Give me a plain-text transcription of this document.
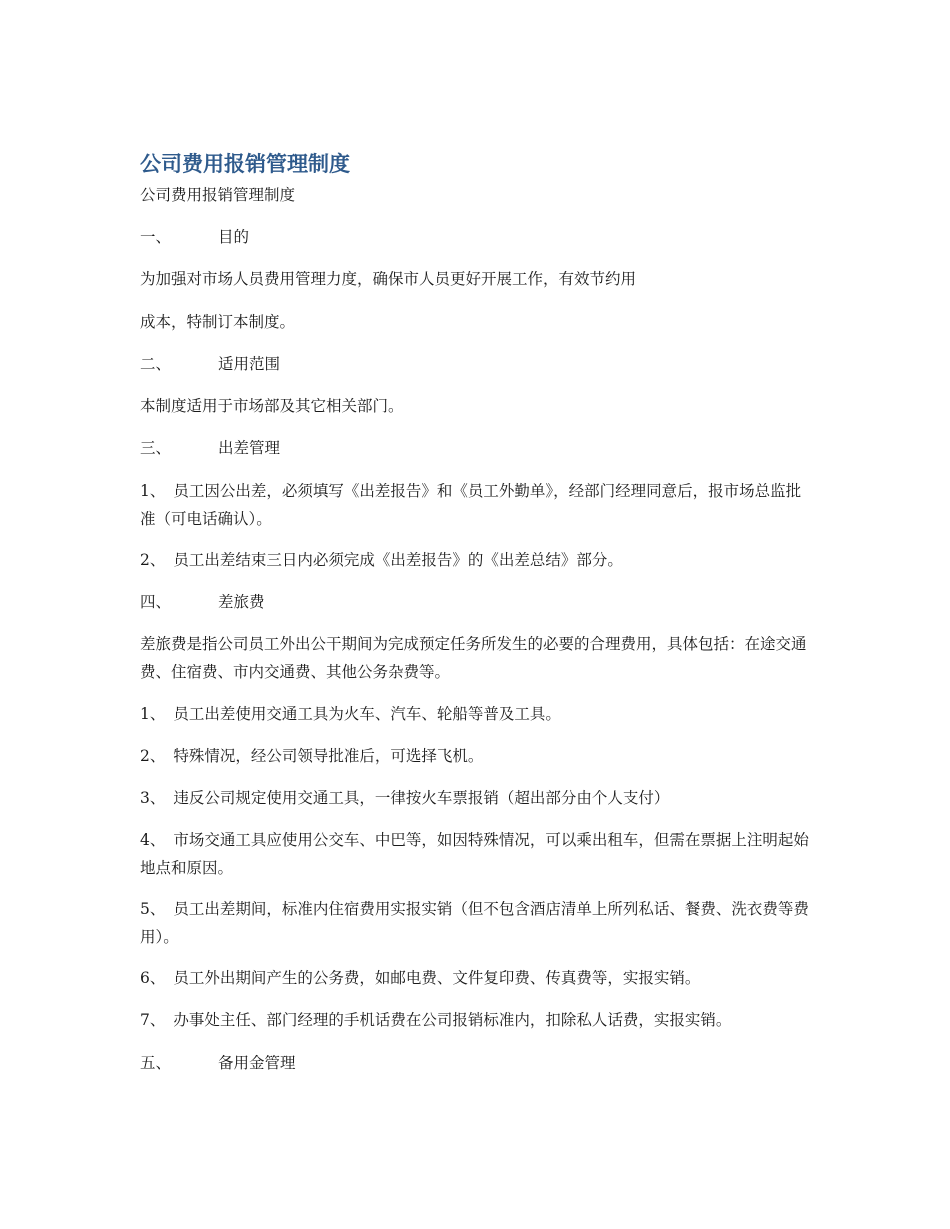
公司费用报销管理制度
公司费用报销管理制度
一、	目的
为加强对市场人员费用管理力度，确保市人员更好开展工作，有效节约用
成本，特制订本制度。
二、	适用范围
本制度适用于市场部及其它相关部门。
三、	出差管理
1、 员工因公出差，必须填写《出差报告》和《员工外勤单》，经部门经理同意后，报市场总监批准（可电话确认）。
2、 员工出差结束三日内必须完成《出差报告》的《出差总结》部分。
四、	差旅费
差旅费是指公司员工外出公干期间为完成预定任务所发生的必要的合理费用，具体包括：在途交通费、住宿费、市内交通费、其他公务杂费等。
1、 员工出差使用交通工具为火车、汽车、轮船等普及工具。
2、 特殊情况，经公司领导批准后，可选择飞机。
3、 违反公司规定使用交通工具，一律按火车票报销（超出部分由个人支付）
4、 市场交通工具应使用公交车、中巴等，如因特殊情况，可以乘出租车，但需在票据上注明起始地点和原因。
5、 员工出差期间，标准内住宿费用实报实销（但不包含酒店清单上所列私话、餐费、洗衣费等费用）。
6、 员工外出期间产生的公务费，如邮电费、文件复印费、传真费等，实报实销。
7、 办事处主任、部门经理的手机话费在公司报销标准内，扣除私人话费，实报实销。
五、	备用金管理
